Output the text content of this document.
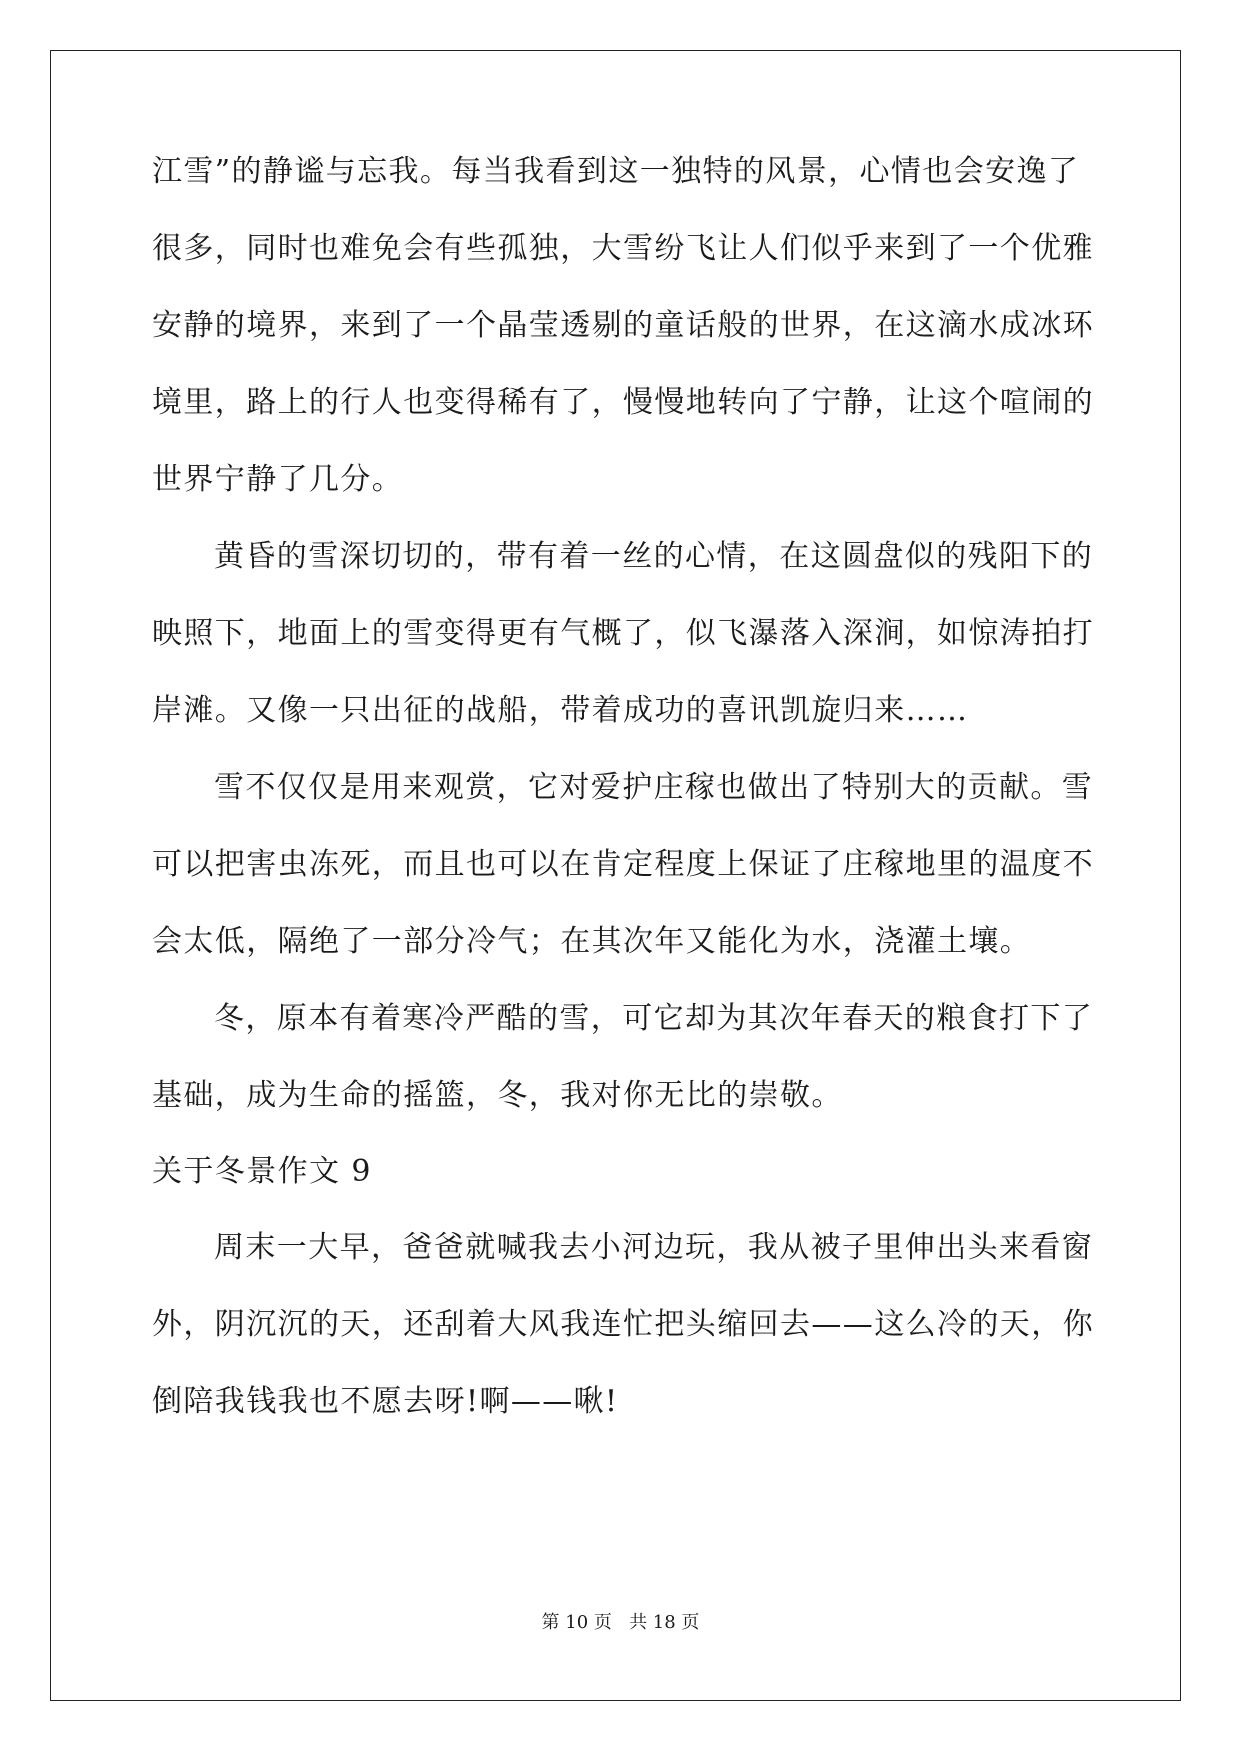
江雪”的静谧与忘我。每当我看到这一独特的风景，心情也会安逸了
很多，同时也难免会有些孤独，大雪纷飞让人们似乎来到了一个优雅
安静的境界，来到了一个晶莹透剔的童话般的世界，在这滴水成冰环
境里，路上的行人也变得稀有了，慢慢地转向了宁静，让这个喧闹的
世界宁静了几分。
黄昏的雪深切切的，带有着一丝的心情，在这圆盘似的残阳下的
映照下，地面上的雪变得更有气概了，似飞瀑落入深涧，如惊涛拍打
岸滩。又像一只出征的战船，带着成功的喜讯凯旋归来……
雪不仅仅是用来观赏，它对爱护庄稼也做出了特别大的贡献。雪
可以把害虫冻死，而且也可以在肯定程度上保证了庄稼地里的温度不
会太低，隔绝了一部分冷气；在其次年又能化为水，浇灌土壤。
冬，原本有着寒冷严酷的雪，可它却为其次年春天的粮食打下了
基础，成为生命的摇篮，冬，我对你无比的崇敬。
关于冬景作文 9
周末一大早，爸爸就喊我去小河边玩，我从被子里伸出头来看窗
外，阴沉沉的天，还刮着大风我连忙把头缩回去——这么冷的天，你
倒陪我钱我也不愿去呀!啊——啾!
第 10 页 共 18 页
